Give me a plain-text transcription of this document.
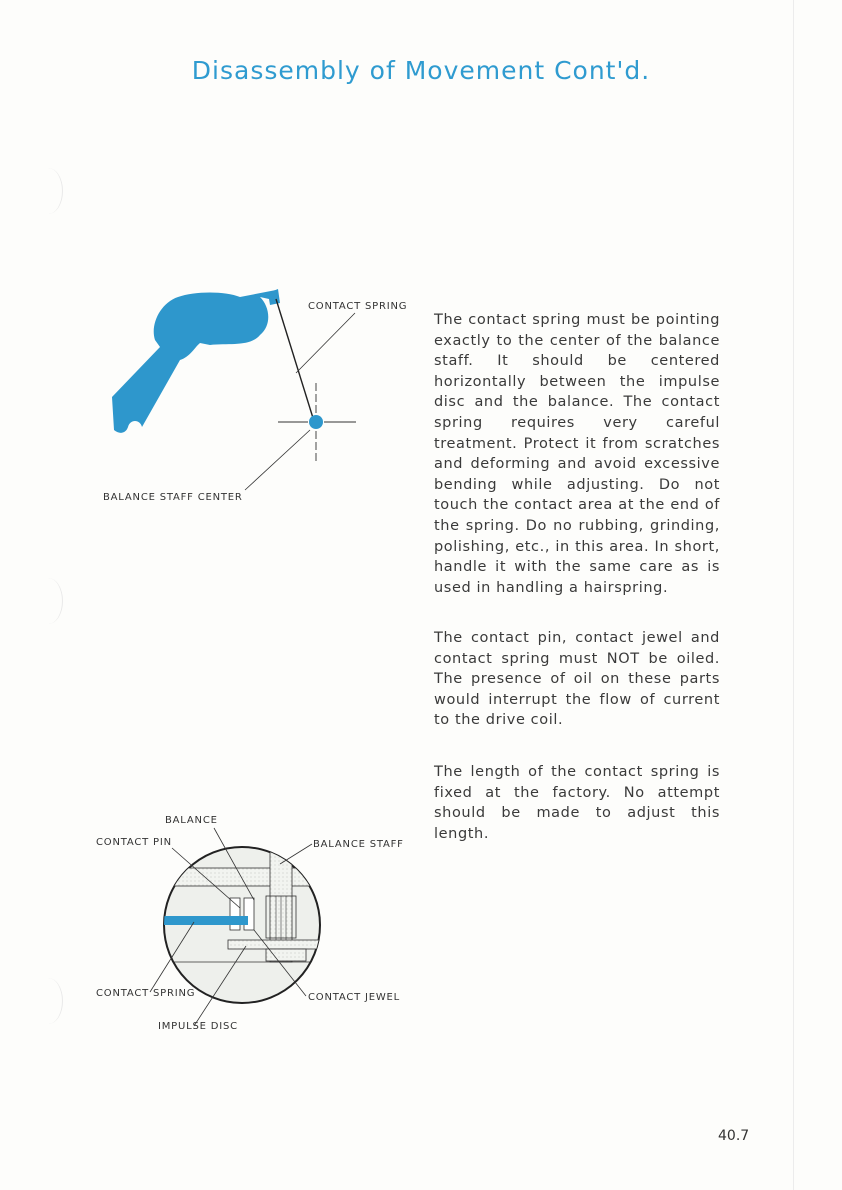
Disassembly of Movement Cont'd.

CONTACT SPRING

BALANCE STAFF CENTER

The contact spring must be pointing exactly to the center of the balance staff. It should be centered horizontally between the impulse disc and the balance. The contact spring requires very careful treatment. Protect it from scratches and deforming and avoid excessive bending while adjusting. Do not touch the contact area at the end of the spring. Do no rubbing, grinding, polishing, etc., in this area. In short, handle it with the same care as is used in handling a hairspring.

The contact pin, contact jewel and contact spring must NOT be oiled. The presence of oil on these parts would interrupt the flow of current to the drive coil.

The length of the contact spring is fixed at the factory. No attempt should be made to adjust this length.

BALANCE

CONTACT PIN	BALANCE STAFF

CONTACT SPRING	CONTACT JEWEL

IMPULSE DISC

40.7
